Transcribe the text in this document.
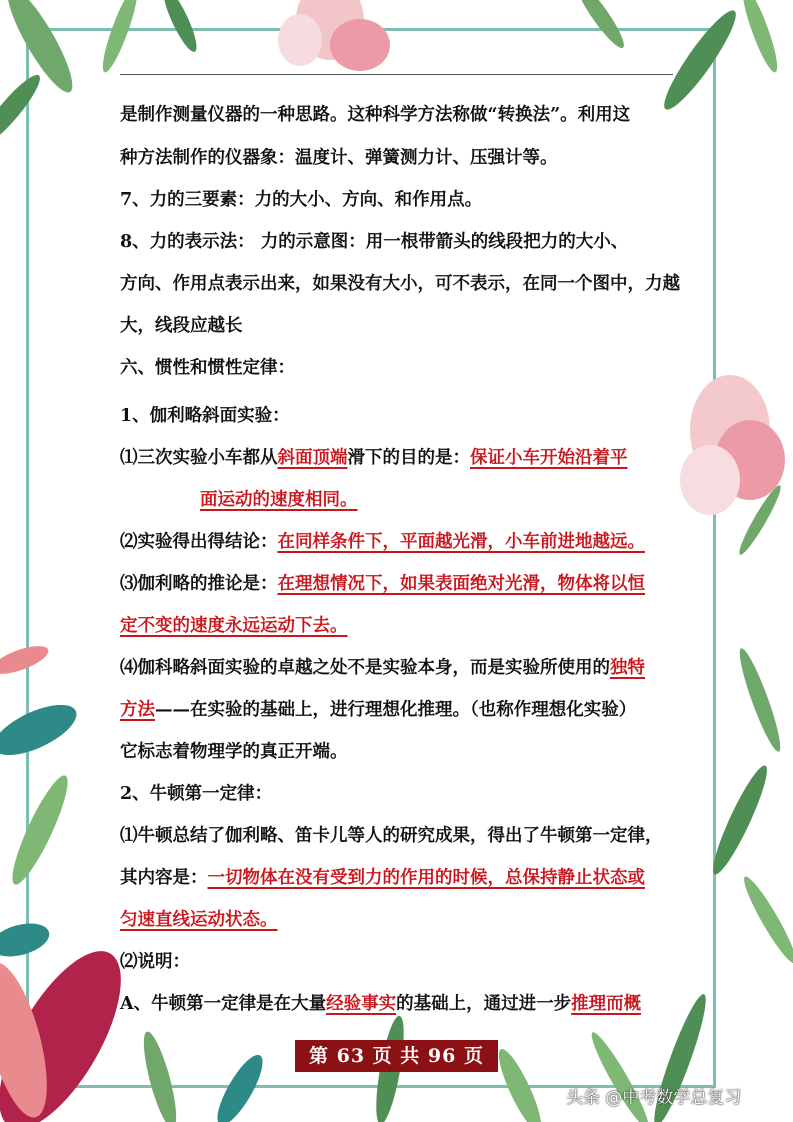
是制作测量仪器的一种思路。这种科学方法称做“转换法”。利用这
种方法制作的仪器象：温度计、弹簧测力计、压强计等。
7、力的三要素：力的大小、方向、和作用点。
8、力的表示法： 力的示意图：用一根带箭头的线段把力的大小、
方向、作用点表示出来，如果没有大小，可不表示，在同一个图中，力越
大，线段应越长
六、惯性和惯性定律：
1、伽利略斜面实验：
⑴三次实验小车都从斜面顶端滑下的目的是：保证小车开始沿着平
面运动的速度相同。
⑵实验得出得结论：在同样条件下，平面越光滑，小车前进地越远。
⑶伽利略的推论是：在理想情况下，如果表面绝对光滑，物体将以恒
定不变的速度永远运动下去。
⑷伽科略斜面实验的卓越之处不是实验本身，而是实验所使用的独特
方法——在实验的基础上，进行理想化推理。（也称作理想化实验）
它标志着物理学的真正开端。
2、牛顿第一定律：
⑴牛顿总结了伽利略、笛卡儿等人的研究成果，得出了牛顿第一定律，
其内容是：一切物体在没有受到力的作用的时候，总保持静止状态或
匀速直线运动状态。
⑵说明：
A、牛顿第一定律是在大量经验事实的基础上，通过进一步推理而概
第 63 页 共 96 页
头条 @中考数学总复习
